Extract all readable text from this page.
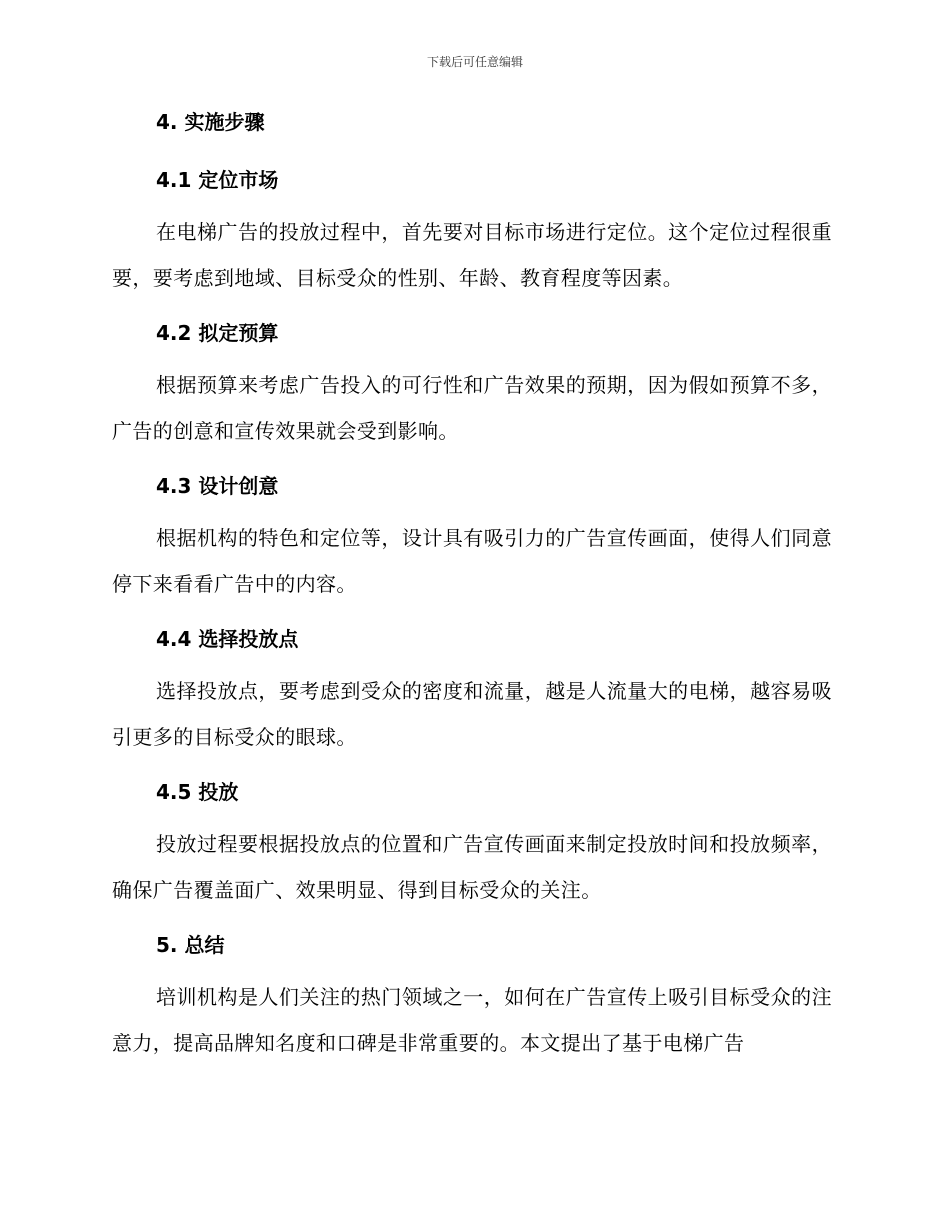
下载后可任意编辑
4. 实施步骤
4.1 定位市场

在电梯广告的投放过程中，首先要对目标市场进行定位。这个定位过程很重要，要考虑到地域、目标受众的性别、年龄、教育程度等因素。

4.2 拟定预算

根据预算来考虑广告投入的可行性和广告效果的预期，因为假如预算不多，广告的创意和宣传效果就会受到影响。

4.3 设计创意

根据机构的特色和定位等，设计具有吸引力的广告宣传画面，使得人们同意停下来看看广告中的内容。

4.4 选择投放点

选择投放点，要考虑到受众的密度和流量，越是人流量大的电梯，越容易吸引更多的目标受众的眼球。

4.5 投放

投放过程要根据投放点的位置和广告宣传画面来制定投放时间和投放频率，确保广告覆盖面广、效果明显、得到目标受众的关注。

5. 总结

培训机构是人们关注的热门领域之一，如何在广告宣传上吸引目标受众的注意力，提高品牌知名度和口碑是非常重要的。本文提出了基于电梯广告
